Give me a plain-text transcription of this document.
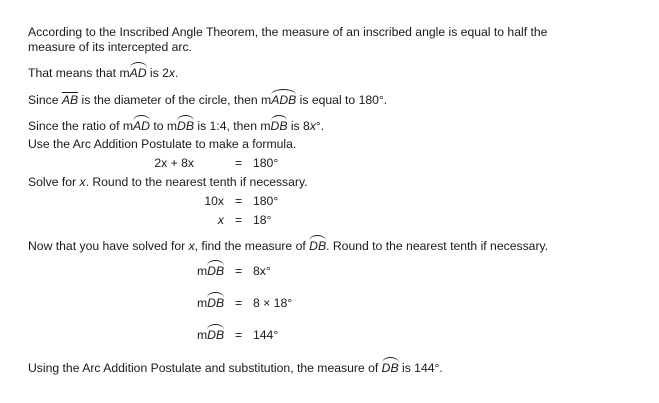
According to the Inscribed Angle Theorem, the measure of an inscribed angle is equal to half the
measure of its intercepted arc.
That means that mAD is 2x.
Since $\overline{AB}$ is the diameter of the circle, then mADB is equal to 180°.
Since the ratio of mAD to mDB is 1:4, then mDB is 8x°.
Use the Arc Addition Postulate to make a formula.
2x + 8x	= 180°
Solve for x. Round to the nearest tenth if necessary.
10x = 180°
x = 18°
Now that you have solved for x, find the measure of DB. Round to the nearest tenth if necessary.
mDB = 8x°
mDB = 8 × 18°
mDB = 144°
Using the Arc Addition Postulate and substitution, the measure of DB is 144°.
